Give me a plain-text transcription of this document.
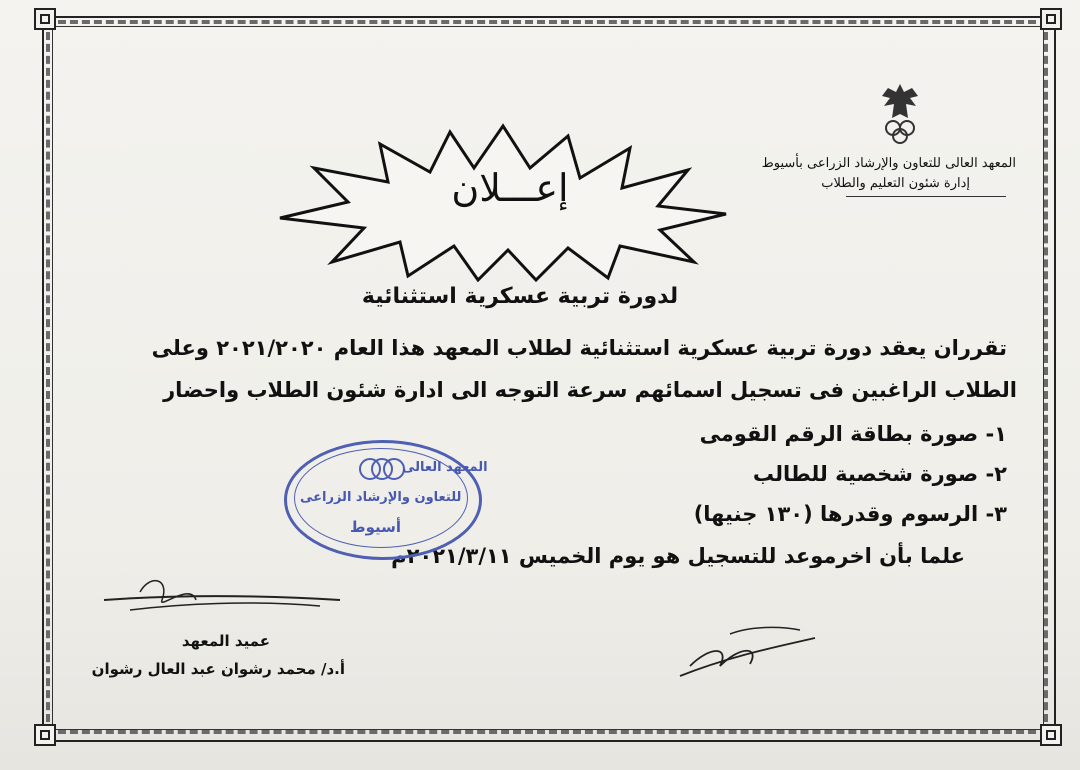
المعهد العالى للتعاون والإرشاد الزراعى بأسيوط
إدارة شئون التعليم والطلاب
إعـــلان
لدورة تربية عسكرية استثنائية
تقرران يعقد دورة تربية عسكرية استثنائية لطلاب المعهد هذا العام ٢٠٢١/٢٠٢٠ وعلى
الطلاب الراغبين فى تسجيل اسمائهم سرعة التوجه الى ادارة شئون الطلاب واحضار
١- صورة بطاقة الرقم القومى
٢- صورة شخصية للطالب
٣- الرسوم وقدرها (١٣٠ جنيها)
علما بأن اخرموعد للتسجيل هو يوم الخميس ٢٠٢١/٣/١١م
المعهد العالى
للتعاون والإرشاد الزراعى
أسيوط
عميد المعهد
أ.د/ محمد رشوان عبد العال رشوان
